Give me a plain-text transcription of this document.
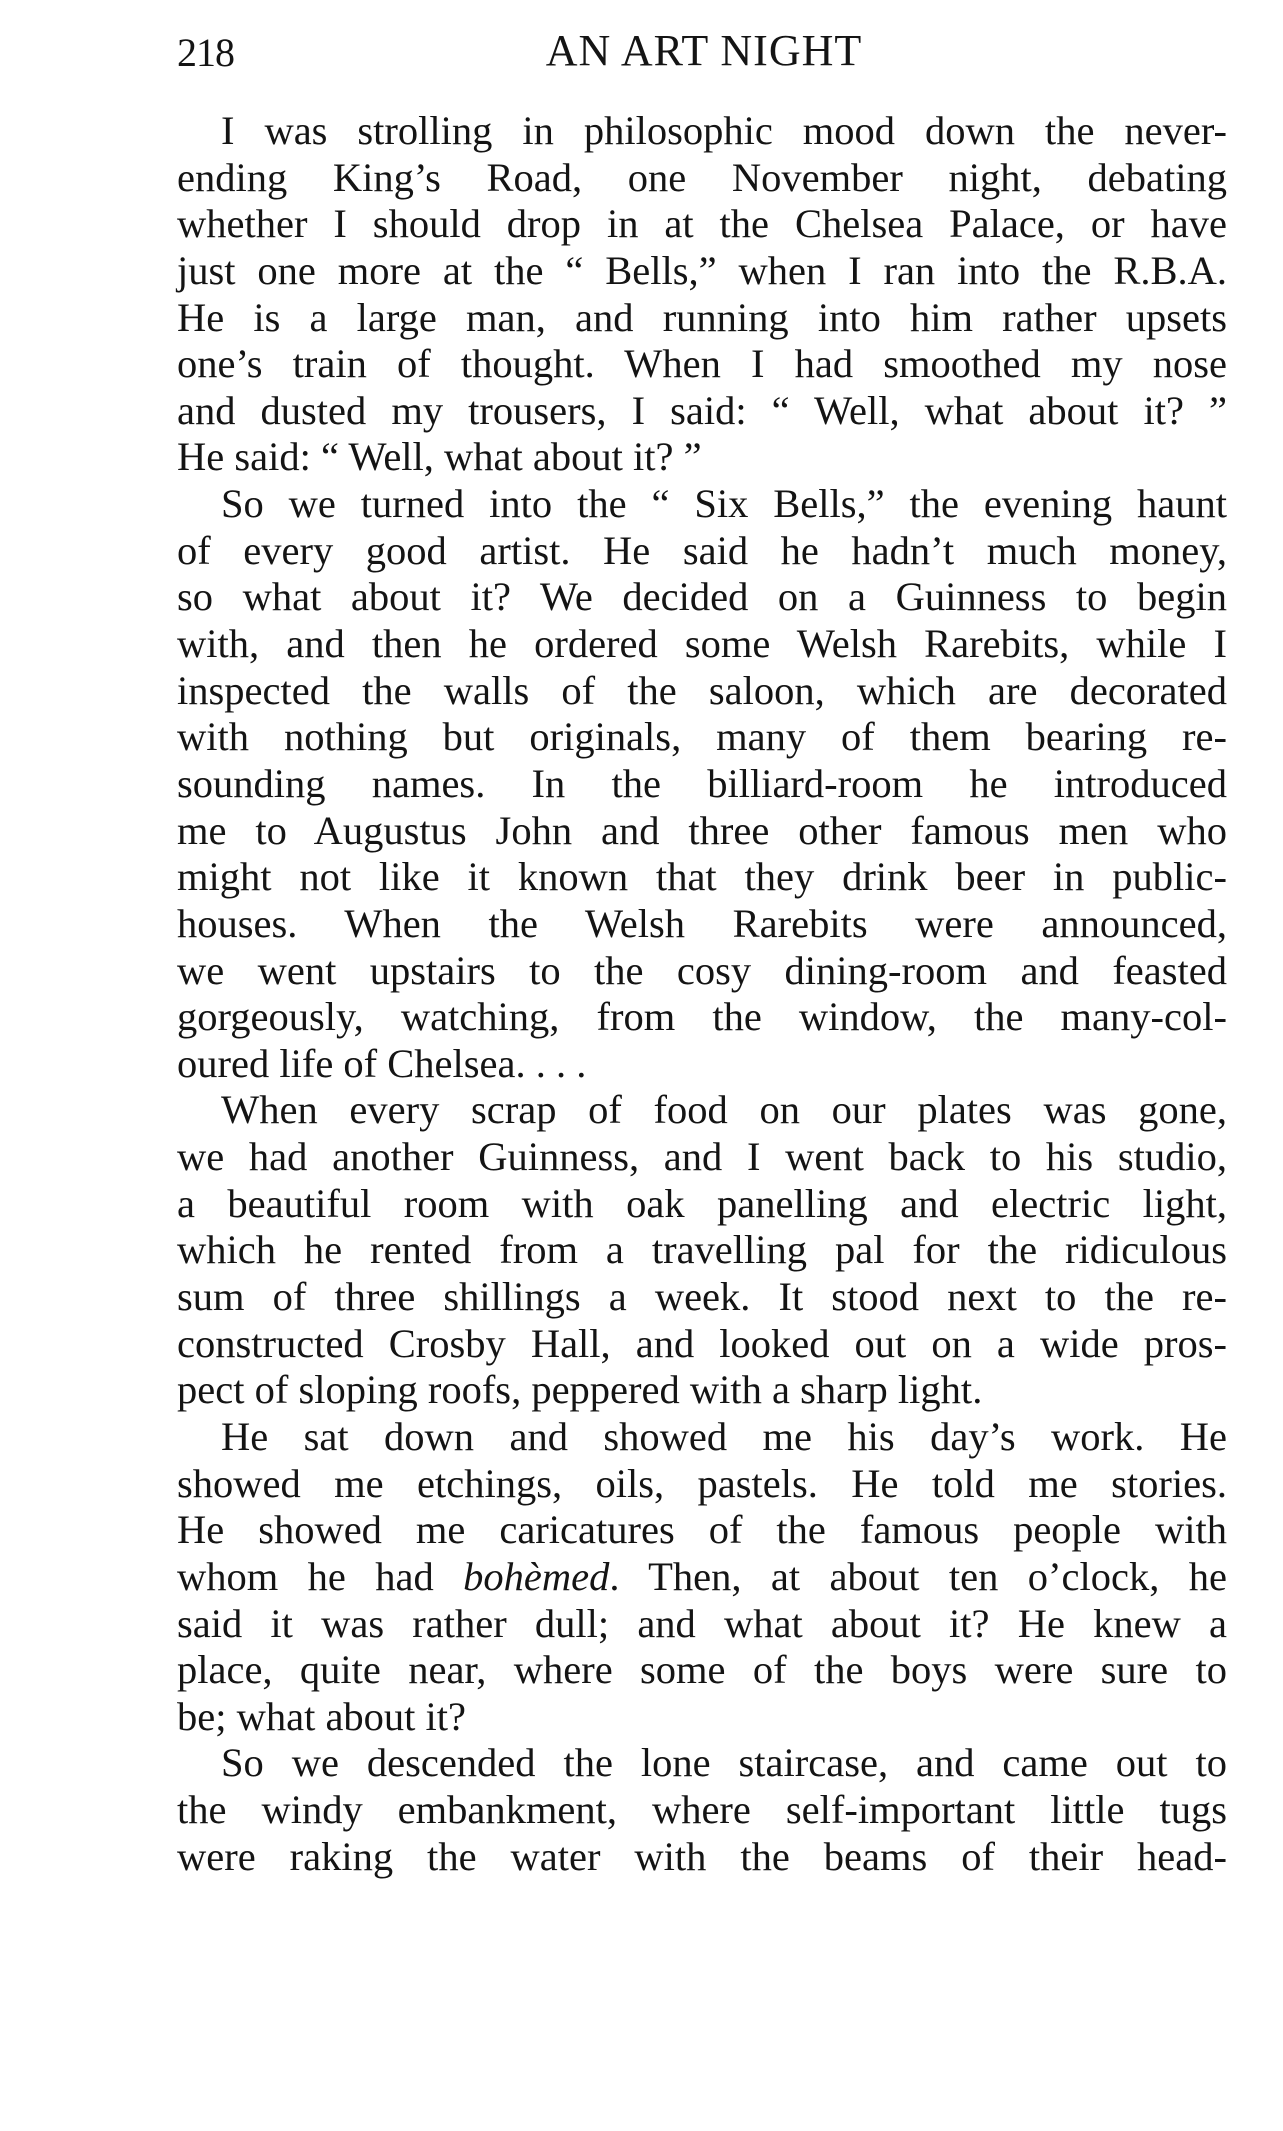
218	AN ART NIGHT
I was strolling in philosophic mood down the never-
ending King’s Road, one November night, debating
whether I should drop in at the Chelsea Palace, or have
just one more at the “ Bells,” when I ran into the R.B.A.
He is a large man, and running into him rather upsets
one’s train of thought. When I had smoothed my nose
and dusted my trousers, I said: “ Well, what about it? ”
He said: “ Well, what about it? ”
So we turned into the “ Six Bells,” the evening haunt
of every good artist. He said he hadn’t much money,
so what about it? We decided on a Guinness to begin
with, and then he ordered some Welsh Rarebits, while I
inspected the walls of the saloon, which are decorated
with nothing but originals, many of them bearing re-
sounding names. In the billiard-room he introduced
me to Augustus John and three other famous men who
might not like it known that they drink beer in public-
houses. When the Welsh Rarebits were announced,
we went upstairs to the cosy dining-room and feasted
gorgeously, watching, from the window, the many-col-
oured life of Chelsea. . . .
When every scrap of food on our plates was gone,
we had another Guinness, and I went back to his studio,
a beautiful room with oak panelling and electric light,
which he rented from a travelling pal for the ridiculous
sum of three shillings a week. It stood next to the re-
constructed Crosby Hall, and looked out on a wide pros-
pect of sloping roofs, peppered with a sharp light.
He sat down and showed me his day’s work. He
showed me etchings, oils, pastels. He told me stories.
He showed me caricatures of the famous people with
whom he had bohèmed. Then, at about ten o’clock, he
said it was rather dull; and what about it? He knew a
place, quite near, where some of the boys were sure to
be; what about it?
So we descended the lone staircase, and came out to
the windy embankment, where self-important little tugs
were raking the water with the beams of their head-
